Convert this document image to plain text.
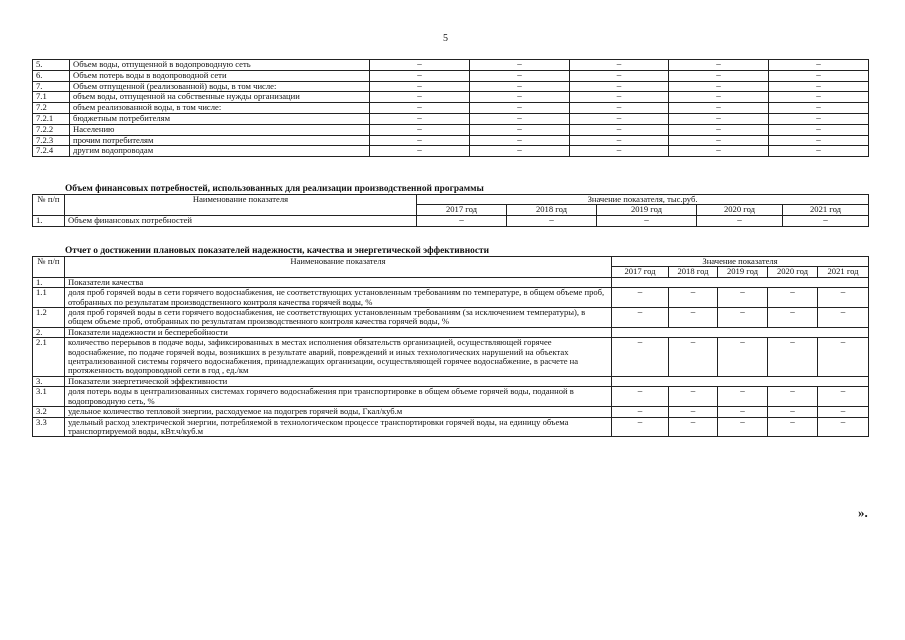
5
5.	Объем воды, отпущенной в водопроводную сеть	–	–	–	–	–
6.	Объем потерь воды в водопроводной сети	–	–	–	–	–
7.	Объем отпущенной (реализованной) воды, в том числе:	–	–	–	–	–
7.1	объем воды, отпущенной на собственные нужды организации	–	–	–	–	–
7.2	объем реализованной воды, в том числе:	–	–	–	–	–
7.2.1	бюджетным потребителям	–	–	–	–	–
7.2.2	Населению	–	–	–	–	–
7.2.3	прочим потребителям	–	–	–	–	–
7.2.4	другим водопроводам	–	–	–	–	–
Объем финансовых потребностей, использованных для реализации производственной программы
№ п/п	Наименование показателя	Значение показателя, тыс.руб.				
		2017 год	2018 год	2019 год	2020 год	2021 год
1.	Объем финансовых потребностей	–	–	–	–	–
Отчет о достижении плановых показателей надежности, качества и энергетической эффективности
№ п/п	Наименование показателя	Значение показателя				
		2017 год	2018 год	2019 год	2020 год	2021 год
1.	Показатели качества					
1.1	доля проб горячей воды в сети горячего водоснабжения, не соответствующих установленным требованиям по температуре, в общем объеме проб, отобранных по результатам производственного контроля качества горячей воды, %	–	–	–	–	–
1.2	доля проб горячей воды в сети горячего водоснабжения, не соответствующих установленным требованиям (за исключением температуры), в общем объеме проб, отобранных по результатам производственного контроля качества горячей воды, %	–	–	–	–	–
2.	Показатели надежности и бесперебойности					
2.1	количество перерывов в подаче воды, зафиксированных в местах исполнения обязательств организацией, осуществляющей горячее водоснабжение, по подаче горячей воды, возникших в результате аварий, повреждений и иных технологических нарушений на объектах централизованной системы горячего водоснабжения, принадлежащих организации, осуществляющей горячее водоснабжение, в расчете на протяженность водопроводной сети в год , ед./км	–	–	–	–	–
3.	Показатели энергетической эффективности					
3.1	доля потерь воды в централизованных системах горячего водоснабжения при транспортировке в общем объеме горячей воды, поданной в водопроводную сеть, %	–	–	–	–	–
3.2	удельное количество тепловой энергии, расходуемое на подогрев горячей воды, Гкал/куб.м	–	–	–	–	–
3.3	удельный расход электрической энергии, потребляемой в технологическом процессе транспортировки горячей воды, на единицу объема транспортируемой воды, кВт.ч/куб.м	–	–	–	–	–
».
